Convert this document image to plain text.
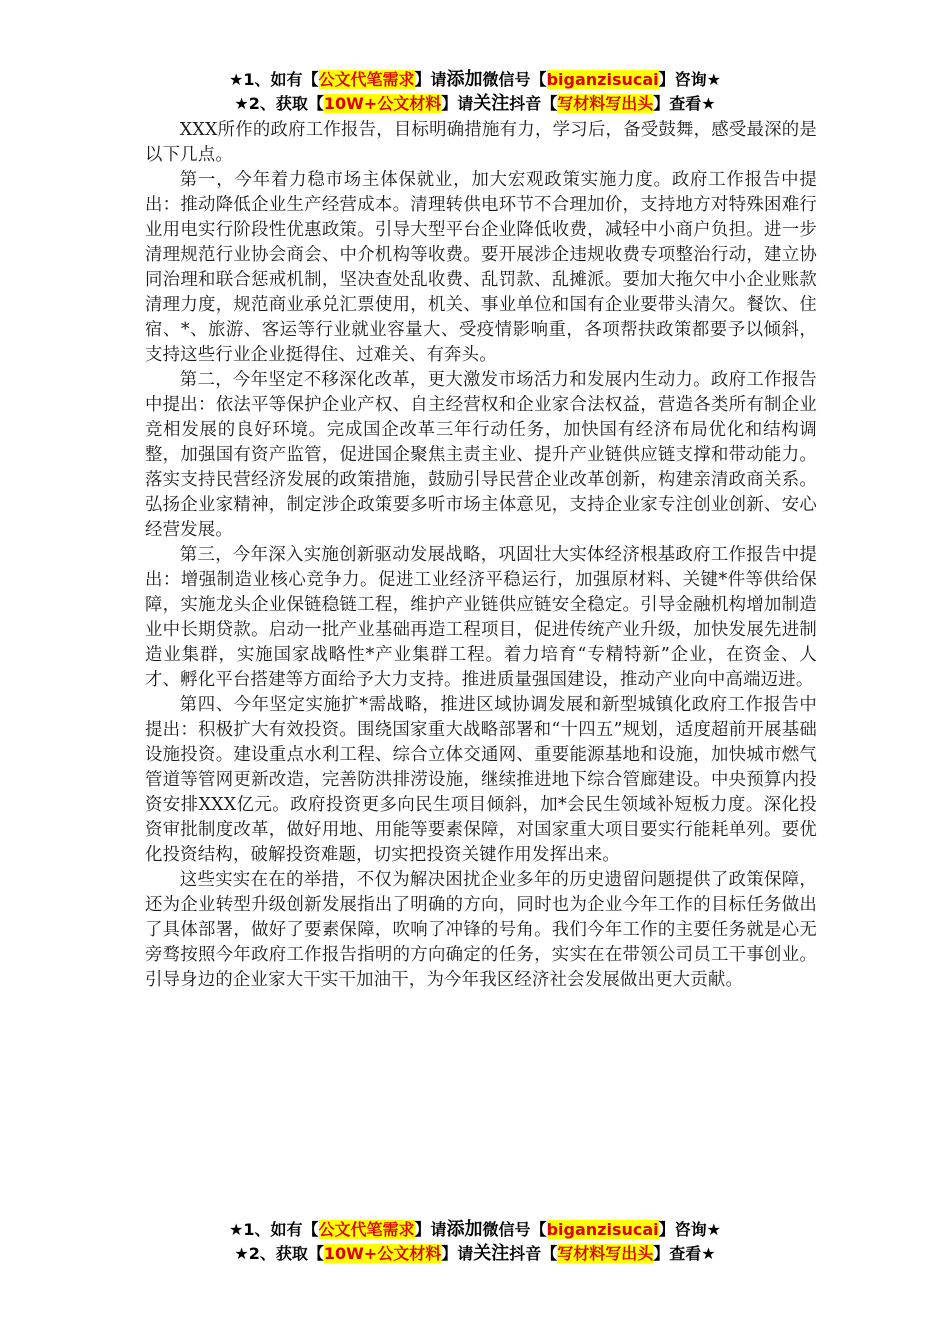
★1、如有【公文代笔需求】请添加微信号【biganzisucai】咨询★
★2、获取【10W+公文材料】请关注抖音【写材料写出头】查看★

XXX所作的政府工作报告，目标明确措施有力，学习后，备受鼓舞，感受最深的是以下几点。

第一，今年着力稳市场主体保就业，加大宏观政策实施力度。政府工作报告中提出：推动降低企业生产经营成本。清理转供电环节不合理加价，支持地方对特殊困难行业用电实行阶段性优惠政策。引导大型平台企业降低收费，减轻中小商户负担。进一步清理规范行业协会商会、中介机构等收费。要开展涉企违规收费专项整治行动，建立协同治理和联合惩戒机制，坚决查处乱收费、乱罚款、乱摊派。要加大拖欠中小企业账款清理力度，规范商业承兑汇票使用，机关、事业单位和国有企业要带头清欠。餐饮、住宿、*、旅游、客运等行业就业容量大、受疫情影响重，各项帮扶政策都要予以倾斜，支持这些行业企业挺得住、过难关、有奔头。

第二，今年坚定不移深化改革，更大激发市场活力和发展内生动力。政府工作报告中提出：依法平等保护企业产权、自主经营权和企业家合法权益，营造各类所有制企业竞相发展的良好环境。完成国企改革三年行动任务，加快国有经济布局优化和结构调整，加强国有资产监管，促进国企聚焦主责主业、提升产业链供应链支撑和带动能力。落实支持民营经济发展的政策措施，鼓励引导民营企业改革创新，构建亲清政商关系。弘扬企业家精神，制定涉企政策要多听市场主体意见，支持企业家专注创业创新、安心经营发展。

第三，今年深入实施创新驱动发展战略，巩固壮大实体经济根基政府工作报告中提出：增强制造业核心竞争力。促进工业经济平稳运行，加强原材料、关键*件等供给保障，实施龙头企业保链稳链工程，维护产业链供应链安全稳定。引导金融机构增加制造业中长期贷款。启动一批产业基础再造工程项目，促进传统产业升级，加快发展先进制造业集群，实施国家战略性*产业集群工程。着力培育“专精特新”企业，在资金、人才、孵化平台搭建等方面给予大力支持。推进质量强国建设，推动产业向中高端迈进。

第四、今年坚定实施扩*需战略，推进区域协调发展和新型城镇化政府工作报告中提出：积极扩大有效投资。围绕国家重大战略部署和“十四五”规划，适度超前开展基础设施投资。建设重点水利工程、综合立体交通网、重要能源基地和设施，加快城市燃气管道等管网更新改造，完善防洪排涝设施，继续推进地下综合管廊建设。中央预算内投资安排XXX亿元。政府投资更多向民生项目倾斜，加*会民生领域补短板力度。深化投资审批制度改革，做好用地、用能等要素保障，对国家重大项目要实行能耗单列。要优化投资结构，破解投资难题，切实把投资关键作用发挥出来。

这些实实在在的举措，不仅为解决困扰企业多年的历史遗留问题提供了政策保障，还为企业转型升级创新发展指出了明确的方向，同时也为企业今年工作的目标任务做出了具体部署，做好了要素保障，吹响了冲锋的号角。我们今年工作的主要任务就是心无旁骛按照今年政府工作报告指明的方向确定的任务，实实在在带领公司员工干事创业。引导身边的企业家大干实干加油干，为今年我区经济社会发展做出更大贡献。

★1、如有【公文代笔需求】请添加微信号【biganzisucai】咨询★
★2、获取【10W+公文材料】请关注抖音【写材料写出头】查看★
